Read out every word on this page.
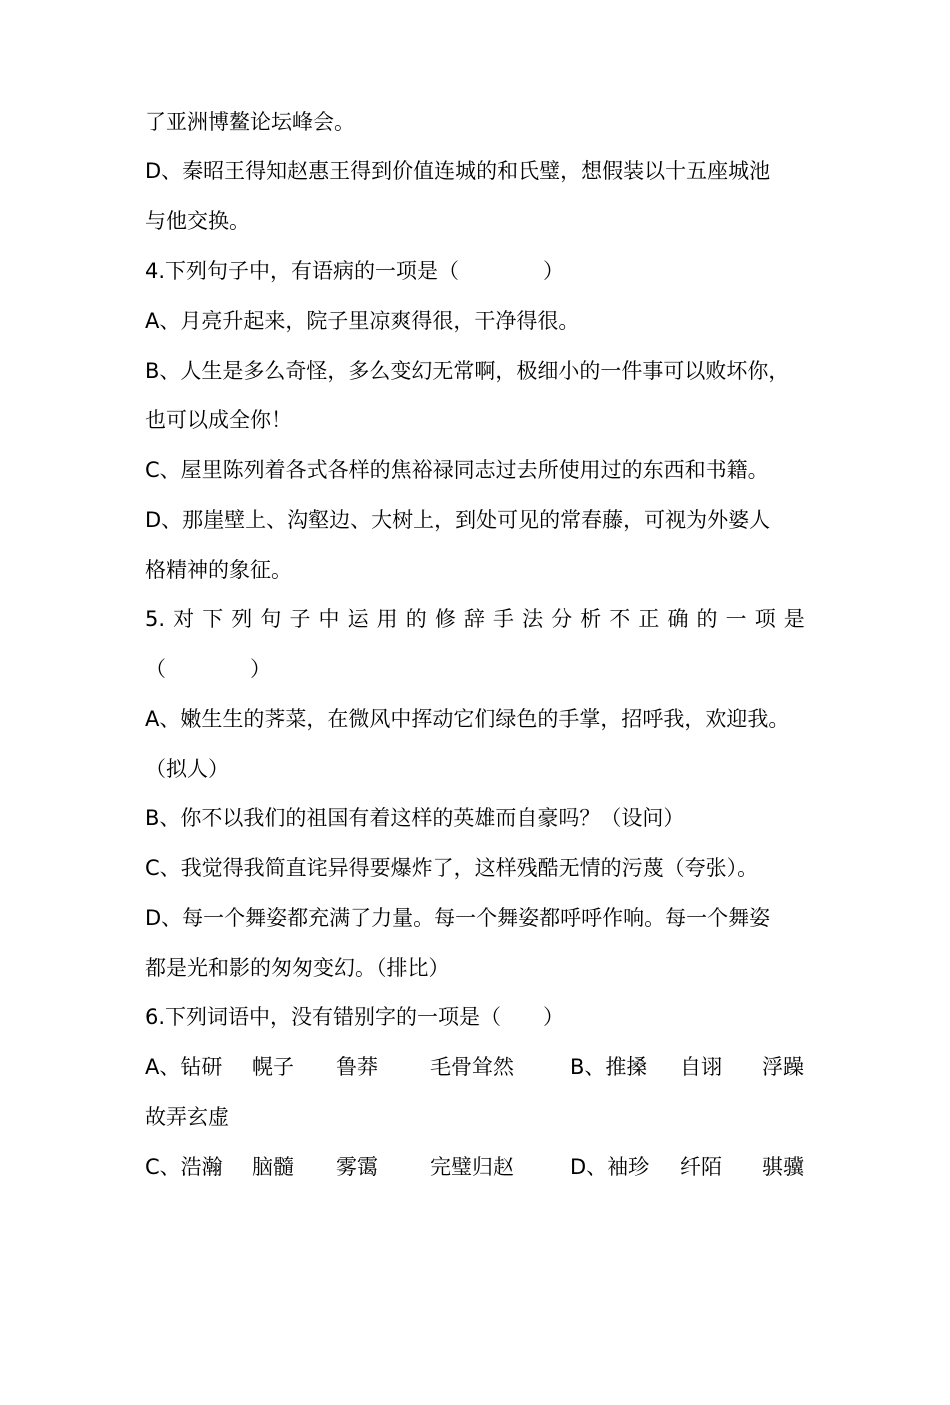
了亚洲博鳌论坛峰会。
D、秦昭王得知赵惠王得到价值连城的和氏璧，想假装以十五座城池
与他交换。
4.下列句子中，有语病的一项是（　　　　）
A、月亮升起来，院子里凉爽得很，干净得很。
B、人生是多么奇怪，多么变幻无常啊，极细小的一件事可以败坏你，
也可以成全你！
C、屋里陈列着各式各样的焦裕禄同志过去所使用过的东西和书籍。
D、那崖壁上、沟壑边、大树上，到处可见的常春藤，可视为外婆人
格精神的象征。
5. 对 下 列 句 子 中 运 用 的 修 辞 手 法 分 析 不 正 确 的 一 项 是
（　　　　）
A、嫩生生的荠菜，在微风中挥动它们绿色的手掌，招呼我，欢迎我。
（拟人）
B、你不以我们的祖国有着这样的英雄而自豪吗？（设问）
C、我觉得我简直诧异得要爆炸了，这样残酷无情的污蔑（夸张）。
D、每一个舞姿都充满了力量。每一个舞姿都呼呼作响。每一个舞姿
都是光和影的匆匆变幻。（排比）
6.下列词语中，没有错别字的一项是（　　）

A、钻研

幌子

鲁莽

毛骨耸然

	B、推搡

自诩

浮躁

故弄玄虚

C、浩瀚

脑髓

雾霭

完璧归赵

	D、袖珍

纤陌

骐骥
